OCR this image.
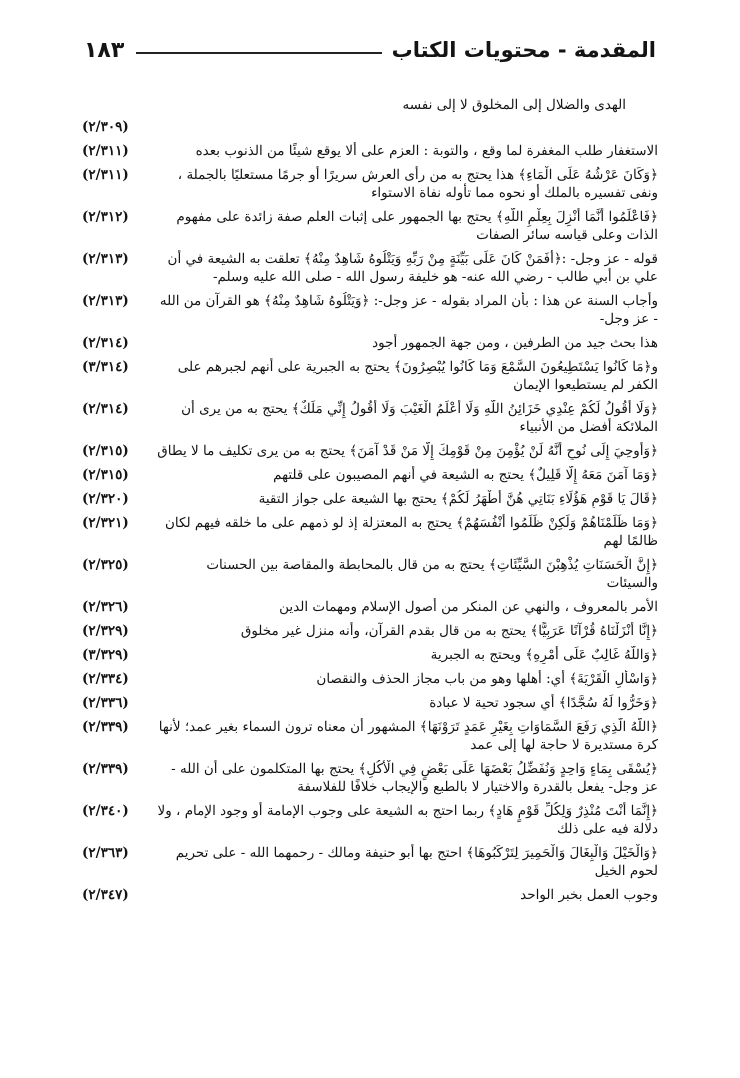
المقدمة - محتويات الكتاب
١٨٣
الهدى والضلال إلى المخلوق لا إلى نفسه
(٢/٣٠٩)
الاستغفار طلب المغفرة لما وقع ، والتوبة : العزم على ألا يوقع شيئًا من الذنوب بعده
(٢/٣١١)
﴿وَكَانَ عَرْشُهُ عَلَى الْمَاءِ﴾ هذا يحتج به من رأى العرش سريرًا أو جرمًا مستعليًا بالجملة ، ونفى تفسيره بالملك أو نحوه مما تأوله نفاة الاستواء
(٢/٣١١)
﴿فَاعْلَمُوا أَنَّمَا أُنْزِلَ بِعِلْمِ اللَّهِ﴾ يحتج بها الجمهور على إثبات العلم صفة زائدة على مفهوم الذات وعلى قياسه سائر الصفات
(٢/٣١٢)
قوله - عز وجل- :﴿أَفَمَنْ كَانَ عَلَى بَيِّنَةٍ مِنْ رَبِّهِ وَيَتْلُوهُ شَاهِدٌ مِنْهُ﴾ تعلقت به الشيعة في أن علي بن أبي طالب - رضي الله عنه- هو خليفة رسول الله - صلى الله عليه وسلم-
(٢/٣١٣)
وأجاب السنة عن هذا : بأن المراد بقوله - عز وجل-: ﴿وَيَتْلُوهُ شَاهِدٌ مِنْهُ﴾ هو القرآن من الله - عز وجل-
(٢/٣١٣)
هذا بحث جيد من الطرفين ، ومن جهة الجمهور أجود
(٢/٣١٤)
و﴿مَا كَانُوا يَسْتَطِيعُونَ السَّمْعَ وَمَا كَانُوا يُبْصِرُونَ﴾ يحتج به الجبرية على أنهم لجبرهم على الكفر لم يستطيعوا الإيمان
(٣/٣١٤)
﴿وَلَا أَقُولُ لَكُمْ عِنْدِي خَزَائِنُ اللَّهِ وَلَا أَعْلَمُ الْغَيْبَ وَلَا أَقُولُ إِنِّي مَلَكٌ﴾ يحتج به من يرى أن الملائكة أفضل من الأنبياء
(٢/٣١٤)
﴿وَأُوحِيَ إِلَى نُوحٍ أَنَّهُ لَنْ يُؤْمِنَ مِنْ قَوْمِكَ إِلَّا مَنْ قَدْ آمَنَ﴾ يحتج به من يرى تكليف ما لا يطاق
(٢/٣١٥)
﴿وَمَا آمَنَ مَعَهُ إِلَّا قَلِيلٌ﴾ يحتج به الشيعة في أنهم المصيبون على قلتهم
(٢/٣١٥)
﴿قَالَ يَا قَوْمِ هَؤُلَاءِ بَنَاتِي هُنَّ أَطْهَرُ لَكُمْ﴾ يحتج بها الشيعة على جواز التقية
(٢/٣٢٠)
﴿وَمَا ظَلَمْنَاهُمْ وَلَكِنْ ظَلَمُوا أَنْفُسَهُمْ﴾ يحتج به المعتزلة إذ لو ذمهم على ما خلقه فيهم لكان ظالمًا لهم
(٢/٣٢١)
﴿إِنَّ الْحَسَنَاتِ يُذْهِبْنَ السَّيِّئَاتِ﴾ يحتج به من قال بالمحابطة والمقاصة بين الحسنات والسيئات
(٢/٣٢٥)
الأمر بالمعروف ، والنهي عن المنكر من أصول الإسلام ومهمات الدين
(٢/٣٢٦)
﴿إِنَّا أَنْزَلْنَاهُ قُرْآنًا عَرَبِيًّا﴾ يحتج به من قال بقدم القرآن، وأنه منزل غير مخلوق
(٢/٣٢٩)
﴿وَاللَّهُ غَالِبٌ عَلَى أَمْرِهِ﴾ ويحتج به الجبرية
(٣/٣٢٩)
﴿وَاسْأَلِ الْقَرْيَةَ﴾ أي: أهلها وهو من باب مجاز الحذف والنقصان
(٢/٣٣٤)
﴿وَخَرُّوا لَهُ سُجَّدًا﴾ أي سجود تحية لا عبادة
(٢/٣٣٦)
﴿اللَّهُ الَّذِي رَفَعَ السَّمَاوَاتِ بِغَيْرِ عَمَدٍ تَرَوْنَهَا﴾ المشهور أن معناه ترون السماء بغير عمد؛ لأنها كرة مستديرة لا حاجة لها إلى عمد
(٢/٣٣٩)
﴿يُسْقَى بِمَاءٍ وَاحِدٍ وَنُفَضِّلُ بَعْضَهَا عَلَى بَعْضٍ فِي الْأُكُلِ﴾ يحتج بها المتكلمون على أن الله - عز وجل- يفعل بالقدرة والاختيار لا بالطبع والإيجاب خلافًا للفلاسفة
(٢/٣٣٩)
﴿إِنَّمَا أَنْتَ مُنْذِرٌ وَلِكُلِّ قَوْمٍ هَادٍ﴾ ربما احتج به الشيعة على وجوب الإمامة أو وجود الإمام ، ولا دلالة فيه على ذلك
(٢/٣٤٠)
﴿وَالْخَيْلَ وَالْبِغَالَ وَالْحَمِيرَ لِتَرْكَبُوهَا﴾ احتج بها أبو حنيفة ومالك - رحمهما الله - على تحريم لحوم الخيل
(٢/٣٦٣)
وجوب العمل بخبر الواحد
(٢/٣٤٧)
